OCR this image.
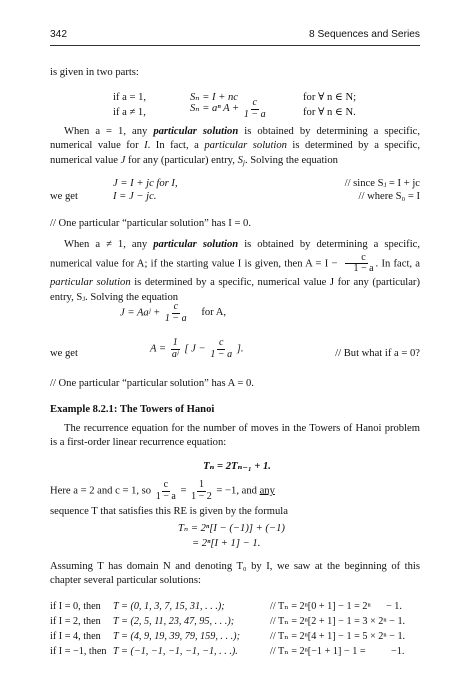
342	8 Sequences and Series
is given in two parts:
if a = 1,	Sₙ = I + nc	for ∀ n ∈ N;
if a ≠ 1,	Sₙ = aⁿ $A + \frac{c}{1 - a}$	for ∀ n ∈ N.
When a = 1, any particular solution is obtained by determining a specific, numerical value for I. In fact, a particular solution is determined by a specific, numerical value J for any (particular) entry, $S_j$. Solving the equation
J = I + jc for I,	// since Sⱼ = I + jc
we get	I = J − jc.	// where S₀ = I
// One particular “particular solution” has I = 0.
When a ≠ 1, any particular solution is obtained by determining a specific, numerical value for A; if the starting value I is given, then $A = I - \frac{c}{1 - a}$ . In fact, a particular solution is determined by a specific, numerical value J for any (particular) entry, Sⱼ. Solving the equation
J = Aaʲ + $\frac{c}{1 - a}$ for A,
we get	$A = \frac{1}{\text{aʲ}}$ [ $J - \frac{c}{1 - a}$ ].	// But what if a = 0?
// One particular “particular solution” has A = 0.
Example 8.2.1: The Towers of Hanoi
The recurrence equation for the number of moves in the Towers of Hanoi problem is a first-order linear recurrence equation:
Tₙ = 2Tₙ₋₁ + 1.
Here a = 2 and c = 1, so $\frac{c}{1 - a} = \frac{1}{1 - 2} = -1$, and any
sequence T that satisfies this RE is given by the formula
Tₙ = 2ⁿ[I − (−1)] + (−1)
= 2ⁿ[I + 1] − 1.
Assuming T has domain N and denoting T₀ by I, we saw at the beginning of this chapter several particular solutions:
if I = 0, then	T = (0, 1, 3, 7, 15, 31, . . .);	// Tₙ = 2ⁿ[0 + 1] − 1 = 2ⁿ      − 1.
if I = 2, then	T = (2, 5, 11, 23, 47, 95, . . .);	// Tₙ = 2ⁿ[2 + 1] − 1 = 3 × 2ⁿ − 1.
if I = 4, then	T = (4, 9, 19, 39, 79, 159, . . .);	// Tₙ = 2ⁿ[4 + 1] − 1 = 5 × 2ⁿ − 1.
if I = −1, then T = (−1, −1, −1, −1, −1, . . .).	// Tₙ = 2ⁿ[−1 + 1] − 1 =          −1.
